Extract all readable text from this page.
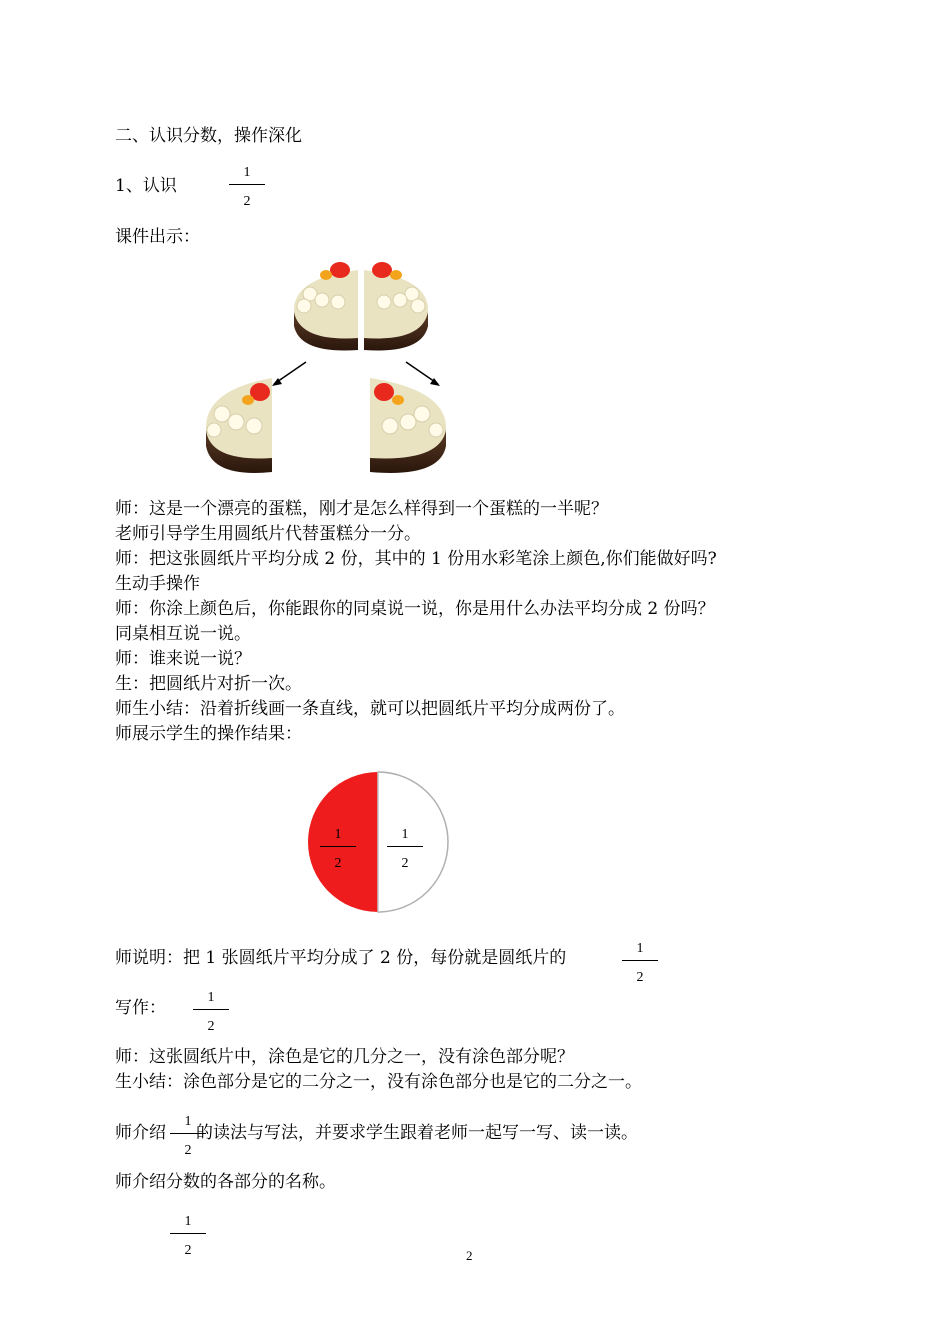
二、认识分数，操作深化
1、认识
1
2
课件出示：
师：这是一个漂亮的蛋糕，刚才是怎么样得到一个蛋糕的一半呢？
老师引导学生用圆纸片代替蛋糕分一分。
师：把这张圆纸片平均分成 2 份，其中的 1 份用水彩笔涂上颜色,你们能做好吗?
生动手操作
师：你涂上颜色后，你能跟你的同桌说一说，你是用什么办法平均分成 2 份吗？
同桌相互说一说。
师：谁来说一说？
生：把圆纸片对折一次。
师生小结：沿着折线画一条直线，就可以把圆纸片平均分成两份了。
师展示学生的操作结果：
1
2
1
2
师说明：把 1 张圆纸片平均分成了 2 份，每份就是圆纸片的	1
2
写作：
1
2
师：这张圆纸片中，涂色是它的几分之一，没有涂色部分呢？
生小结：涂色部分是它的二分之一，没有涂色部分也是它的二分之一。
师介绍
1
2
的读法与写法，并要求学生跟着老师一起写一写、读一读。
师介绍分数的各部分的名称。
1
2	2
